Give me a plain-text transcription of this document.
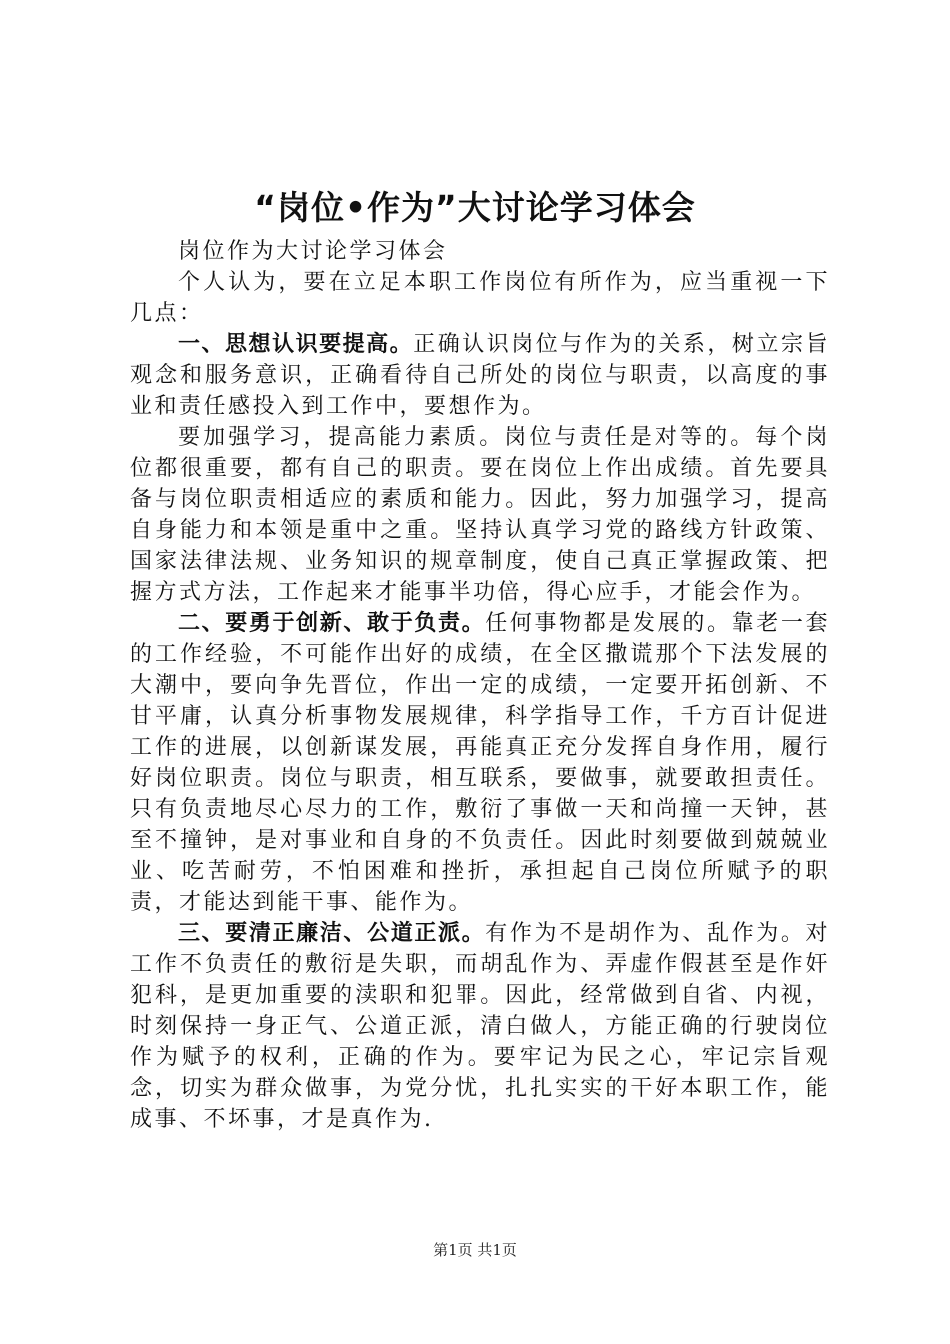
“岗位•作为”大讨论学习体会

岗位作为大讨论学习体会

个人认为，要在立足本职工作岗位有所作为，应当重视一下几点：

一、思想认识要提高。正确认识岗位与作为的关系，树立宗旨观念和服务意识，正确看待自己所处的岗位与职责，以高度的事业和责任感投入到工作中，要想作为。

要加强学习，提高能力素质。岗位与责任是对等的。每个岗位都很重要，都有自己的职责。要在岗位上作出成绩。首先要具备与岗位职责相适应的素质和能力。因此，努力加强学习，提高自身能力和本领是重中之重。坚持认真学习党的路线方针政策、国家法律法规、业务知识的规章制度，使自己真正掌握政策、把握方式方法，工作起来才能事半功倍，得心应手，才能会作为。

二、要勇于创新、敢于负责。任何事物都是发展的。靠老一套的工作经验，不可能作出好的成绩，在全区撒谎那个下法发展的大潮中，要向争先晋位，作出一定的成绩，一定要开拓创新、不甘平庸，认真分析事物发展规律，科学指导工作，千方百计促进工作的进展，以创新谋发展，再能真正充分发挥自身作用，履行好岗位职责。岗位与职责，相互联系，要做事，就要敢担责任。只有负责地尽心尽力的工作，敷衍了事做一天和尚撞一天钟，甚至不撞钟，是对事业和自身的不负责任。因此时刻要做到兢兢业业、吃苦耐劳，不怕困难和挫折，承担起自己岗位所赋予的职责，才能达到能干事、能作为。

三、要清正廉洁、公道正派。有作为不是胡作为、乱作为。对工作不负责任的敷衍是失职，而胡乱作为、弄虚作假甚至是作奸犯科，是更加重要的渎职和犯罪。因此，经常做到自省、内视，时刻保持一身正气、公道正派，清白做人，方能正确的行驶岗位作为赋予的权利，正确的作为。要牢记为民之心，牢记宗旨观念，切实为群众做事，为党分忧，扎扎实实的干好本职工作，能成事、不坏事，才是真作为.

第1页 共1页
